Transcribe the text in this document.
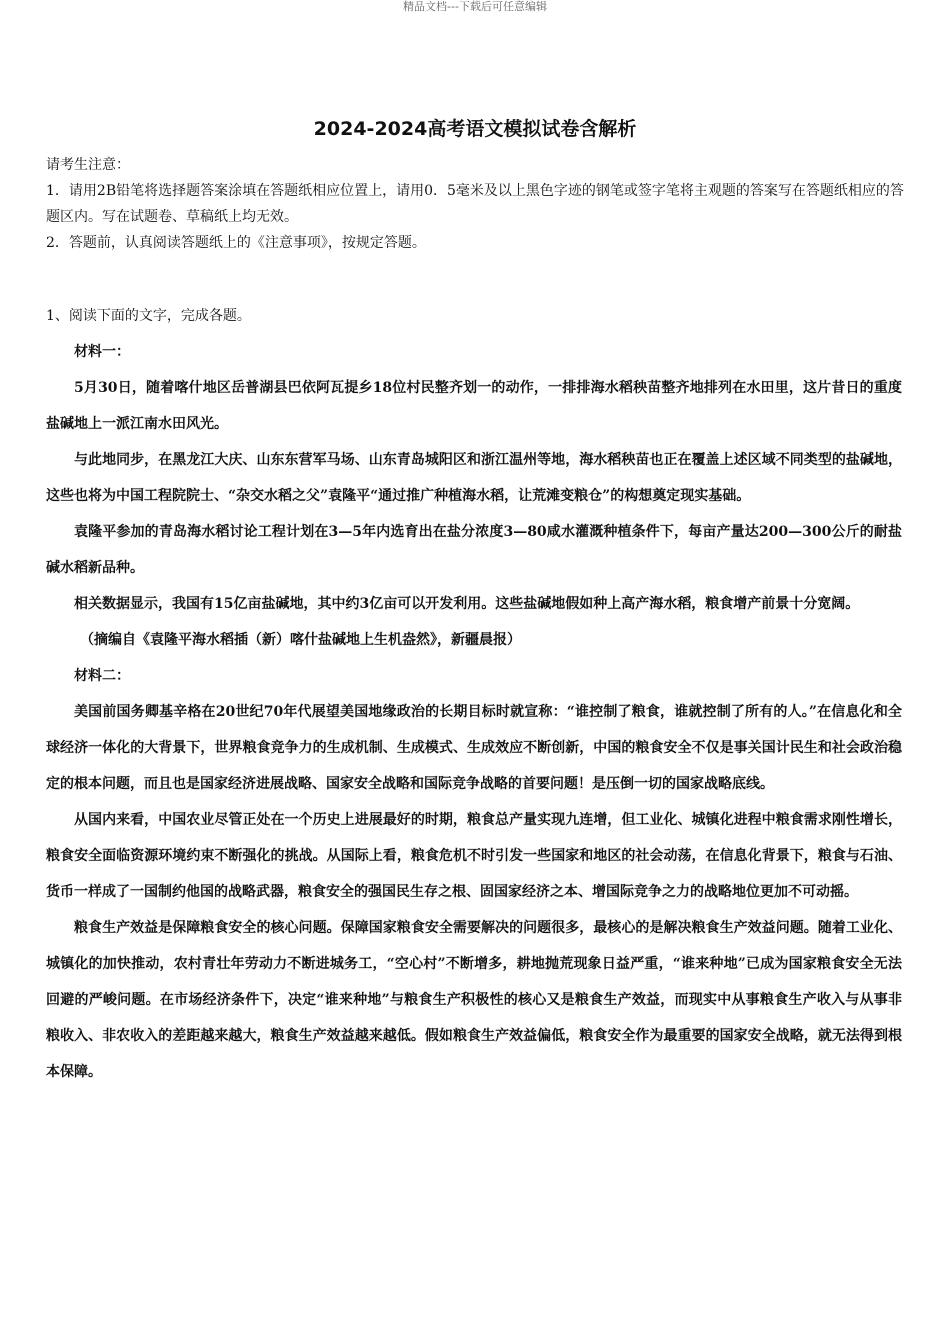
精品文档---下载后可任意编辑
2024-2024高考语文模拟试卷含解析

请考生注意：

1．请用2B铅笔将选择题答案涂填在答题纸相应位置上，请用0．5毫米及以上黑色字迹的钢笔或签字笔将主观题的答案写在答题纸相应的答题区内。写在试题卷、草稿纸上均无效。

2．答题前，认真阅读答题纸上的《注意事项》，按规定答题。

1、阅读下面的文字，完成各题。

材料一：

5月30日，随着喀什地区岳普湖县巴依阿瓦提乡18位村民整齐划一的动作，一排排海水稻秧苗整齐地排列在水田里，这片昔日的重度盐碱地上一派江南水田风光。

与此地同步，在黑龙江大庆、山东东营军马场、山东青岛城阳区和浙江温州等地，海水稻秧苗也正在覆盖上述区域不同类型的盐碱地，这些也将为中国工程院院士、“杂交水稻之父”袁隆平“通过推广种植海水稻，让荒滩变粮仓”的构想奠定现实基础。

袁隆平参加的青岛海水稻讨论工程计划在3—5年内选育出在盐分浓度3—80咸水灌溉种植条件下，每亩产量达200—300公斤的耐盐碱水稻新品种。

相关数据显示，我国有15亿亩盐碱地，其中约3亿亩可以开发利用。这些盐碱地假如种上高产海水稻，粮食增产前景十分宽阔。

（摘编自《袁隆平海水稻插（新）喀什盐碱地上生机盎然》，新疆晨报）

材料二：

美国前国务卿基辛格在20世纪70年代展望美国地缘政治的长期目标时就宣称：“谁控制了粮食，谁就控制了所有的人。”在信息化和全球经济一体化的大背景下，世界粮食竞争力的生成机制、生成模式、生成效应不断创新，中国的粮食安全不仅是事关国计民生和社会政治稳定的根本问题，而且也是国家经济进展战略、国家安全战略和国际竞争战略的首要问题！是压倒一切的国家战略底线。

从国内来看，中国农业尽管正处在一个历史上进展最好的时期，粮食总产量实现九连增，但工业化、城镇化进程中粮食需求刚性增长，粮食安全面临资源环境约束不断强化的挑战。从国际上看，粮食危机不时引发一些国家和地区的社会动荡，在信息化背景下，粮食与石油、货币一样成了一国制约他国的战略武器，粮食安全的强国民生存之根、固国家经济之本、增国际竞争之力的战略地位更加不可动摇。

粮食生产效益是保障粮食安全的核心问题。保障国家粮食安全需要解决的问题很多，最核心的是解决粮食生产效益问题。随着工业化、城镇化的加快推动，农村青壮年劳动力不断进城务工，“空心村”不断增多，耕地抛荒现象日益严重，“谁来种地”已成为国家粮食安全无法回避的严峻问题。在市场经济条件下，决定“谁来种地”与粮食生产积极性的核心又是粮食生产效益，而现实中从事粮食生产收入与从事非粮收入、非农收入的差距越来越大，粮食生产效益越来越低。假如粮食生产效益偏低，粮食安全作为最重要的国家安全战略，就无法得到根本保障。
